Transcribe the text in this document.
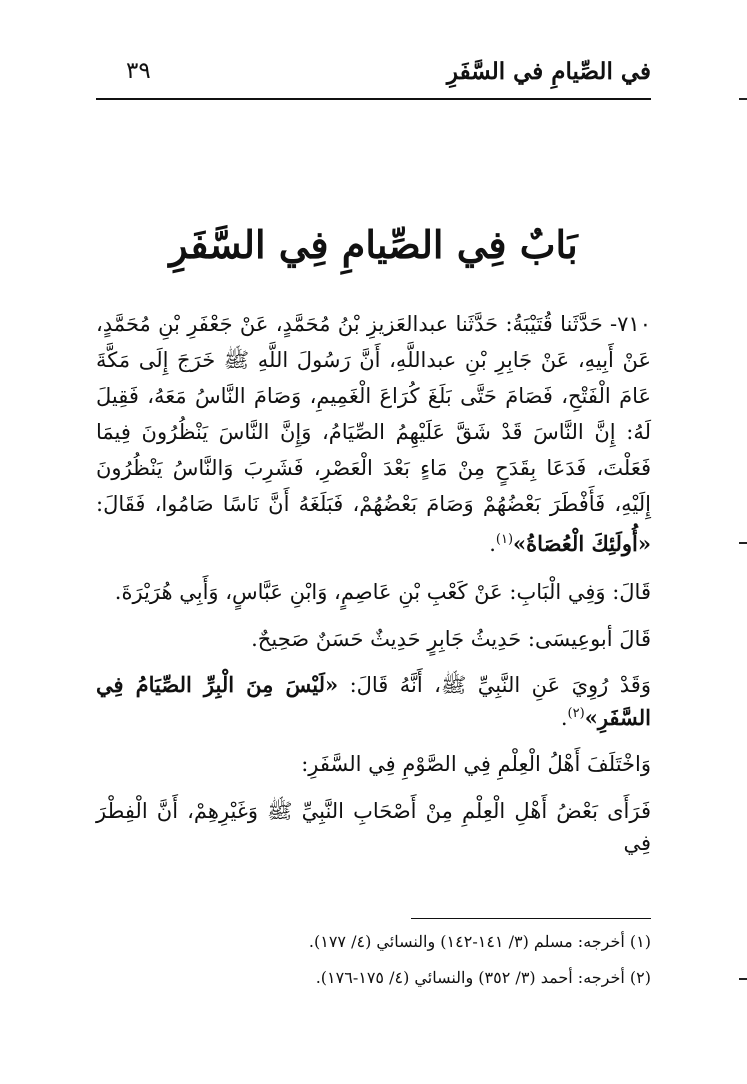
في الصِّيامِ في السَّفَرِ
٣٩
بَابٌ فِي الصِّيامِ فِي السَّفَرِ

٧١٠- حَدَّثَنا قُتَيْبَةُ: حَدَّثَنا عبدالعَزيزِ بْنُ مُحَمَّدٍ، عَنْ جَعْفَرِ بْنِ مُحَمَّدٍ، عَنْ أَبِيهِ، عَنْ جَابِرِ بْنِ عبداللَّهِ، أَنَّ رَسُولَ اللَّهِ ﷺ خَرَجَ إِلَى مَكَّةَ عَامَ الْفَتْحِ، فَصَامَ حَتَّى بَلَغَ كُرَاعَ الْغَمِيمِ، وَصَامَ النَّاسُ مَعَهُ، فَقِيلَ لَهُ: إِنَّ النَّاسَ قَدْ شَقَّ عَلَيْهِمُ الصِّيَامُ، وَإِنَّ النَّاسَ يَنْظُرُونَ فِيمَا فَعَلْتَ، فَدَعَا بِقَدَحٍ مِنْ مَاءٍ بَعْدَ الْعَصْرِ، فَشَرِبَ وَالنَّاسُ يَنْظُرُونَ إِلَيْهِ، فَأَفْطَرَ بَعْضُهُمْ وَصَامَ بَعْضُهُمْ، فَبَلَغَهُ أَنَّ نَاسًا صَامُوا، فَقَالَ: «أُولَئِكَ الْعُصَاةُ»$^{(١)}$.

قَالَ: وَفِي الْبَابِ: عَنْ كَعْبِ بْنِ عَاصِمٍ، وَابْنِ عَبَّاسٍ، وَأَبِي هُرَيْرَةَ.

قَالَ أبوعِيسَى: حَدِيثُ جَابِرٍ حَدِيثٌ حَسَنٌ صَحِيحٌ.

وَقَدْ رُوِيَ عَنِ النَّبِيِّ ﷺ، أَنَّهُ قَالَ: «لَيْسَ مِنَ الْبِرِّ الصِّيَامُ فِي السَّفَرِ»$^{(٢)}$.

وَاخْتَلَفَ أَهْلُ الْعِلْمِ فِي الصَّوْمِ فِي السَّفَرِ:

فَرَأَى بَعْضُ أَهْلِ الْعِلْمِ مِنْ أَصْحَابِ النَّبِيِّ ﷺ وَغَيْرِهِمْ، أَنَّ الْفِطْرَ فِي

(١) أخرجه: مسلم (٣/ ١٤١-١٤٢) والنسائي (٤/ ١٧٧).

(٢) أخرجه: أحمد (٣/ ٣٥٢) والنسائي (٤/ ١٧٥-١٧٦).
